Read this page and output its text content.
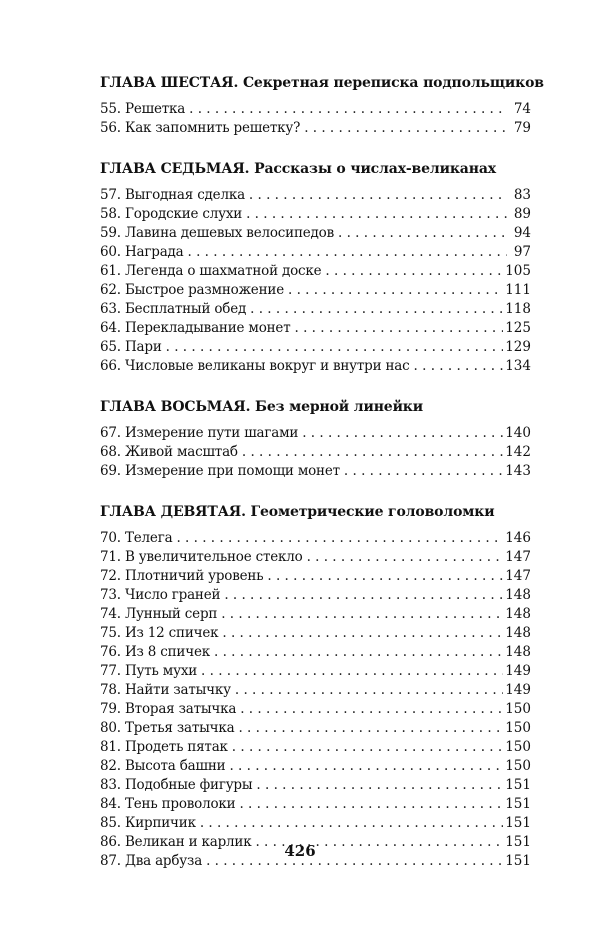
ГЛАВА ШЕСТАЯ. Секретная переписка подпольщиков
55. Решетка . . .	74
56. Как запомнить решетку? . . .	79
ГЛАВА СЕДЬМАЯ. Рассказы о числах-великанах
57. Выгодная сделка . . .	83
58. Городские слухи . . .	89
59. Лавина дешевых велосипедов . . .	94
60. Награда . . .	97
61. Легенда о шахматной доске . . .	105
62. Быстрое размножение . . .	111
63. Бесплатный обед . . .	118
64. Перекладывание монет . . .	125
65. Пари . . .	129
66. Числовые великаны вокруг и внутри нас . . .	134
ГЛАВА ВОСЬМАЯ. Без мерной линейки
67. Измерение пути шагами . . .	140
68. Живой масштаб . . .	142
69. Измерение при помощи монет . . .	143
ГЛАВА ДЕВЯТАЯ. Геометрические головоломки
70. Телега . . .	146
71. В увеличительное стекло . . .	147
72. Плотничий уровень . . .	147
73. Число граней . . .	148
74. Лунный серп . . .	148
75. Из 12 спичек . . .	148
76. Из 8 спичек . . .	148
77. Путь мухи . . .	149
78. Найти затычку . . .	149
79. Вторая затычка . . .	150
80. Третья затычка . . .	150
81. Продеть пятак . . .	150
82. Высота башни . . .	150
83. Подобные фигуры . . .	151
84. Тень проволоки . . .	151
85. Кирпичик . . .	151
86. Великан и карлик . . .	151
87. Два арбуза . . .	151
426
